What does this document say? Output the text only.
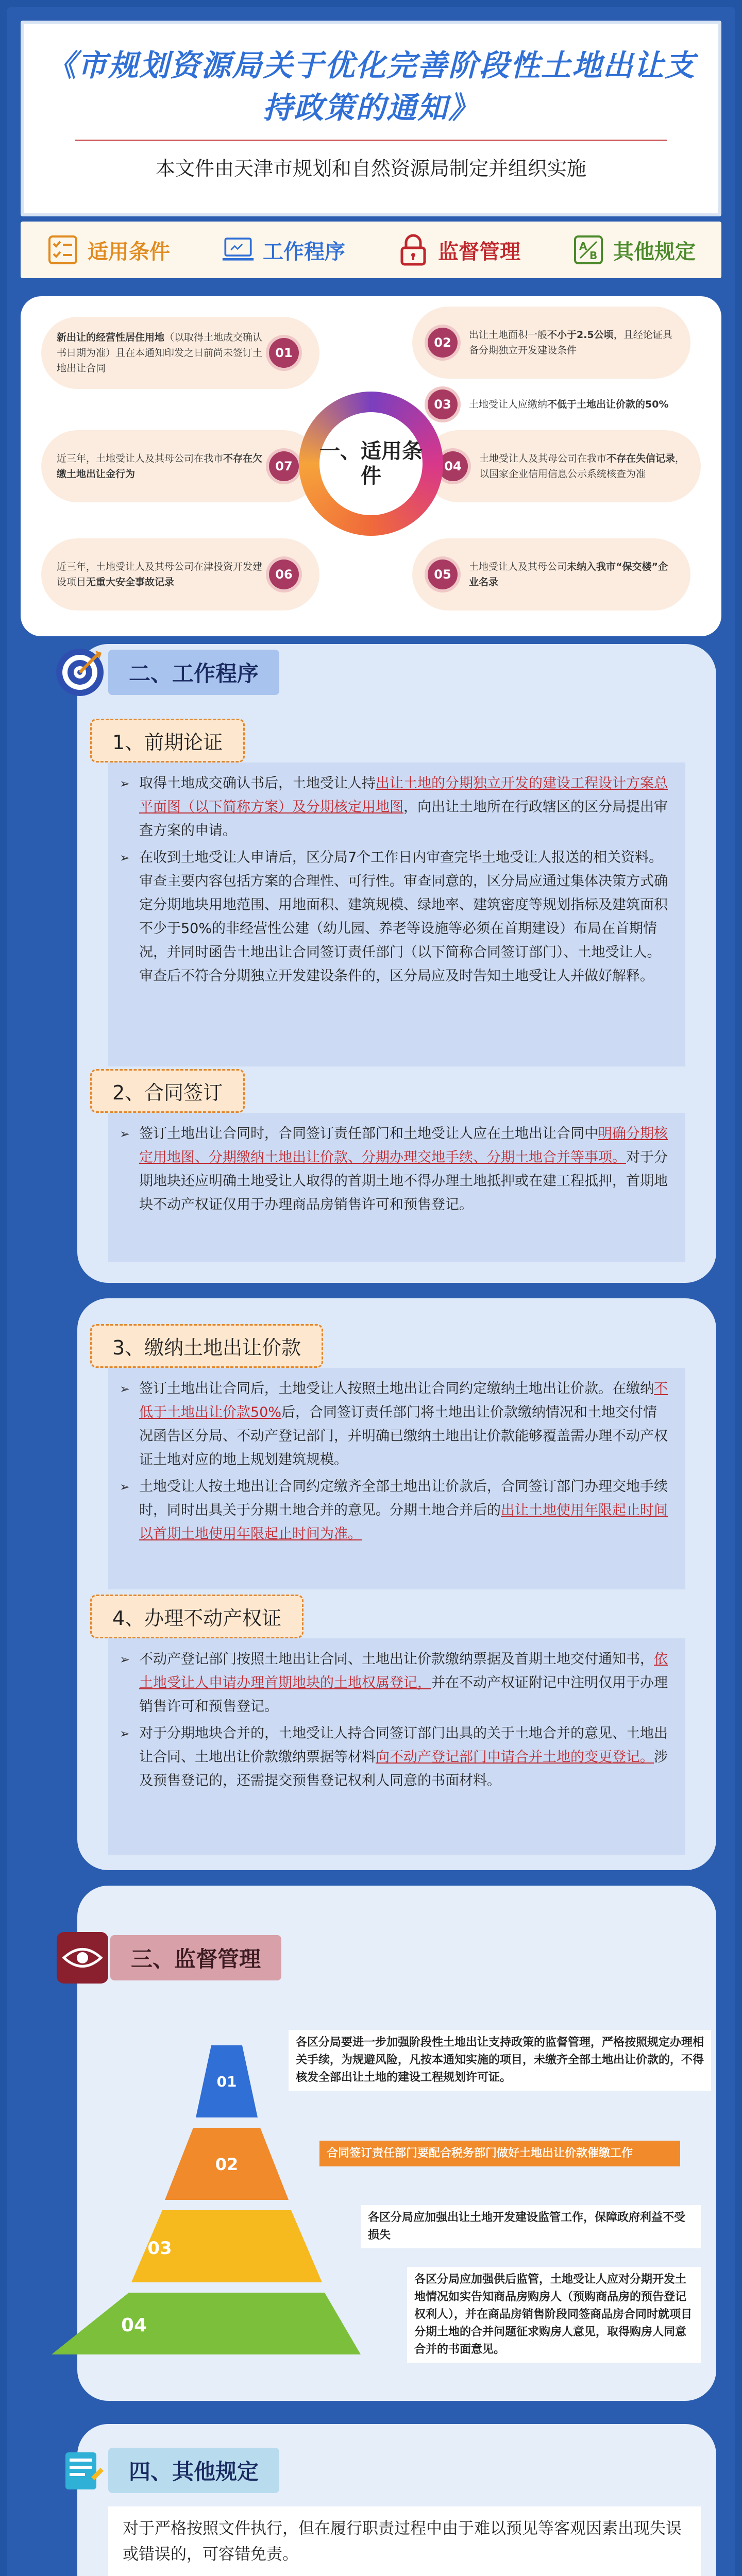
《市规划资源局关于优化完善阶段性土地出让支持政策的通知》
本文件由天津市规划和自然资源局制定并组织实施
适用条件	工作程序	监督管理	A
B 其他规定
新出让的经营性居住用地（以取得土地成交确认书日期为准）且在本通知印发之日前尚未签订土地出让合同
01
02
出让土地面积一般不小于2.5公顷，且经论证具备分期独立开发建设条件
03	土地受让人应缴纳不低于土地出让价款的50%
近三年，土地受让人及其母公司在我市不存在欠缴土地出让金行为
07	04
土地受让人及其母公司在我市不存在失信记录，以国家企业信用信息公示系统核查为准
近三年，土地受让人及其母公司在津投资开发建设项目无重大安全事故记录
06	05
土地受让人及其母公司未纳入我市“保交楼”企业名录
一、适用条件
二、工作程序
1、前期论证

➢ 取得土地成交确认书后，土地受让人持出让土地的分期独立开发的建设工程设计方案总平面图（以下简称方案）及分期核定用地图，向出让土地所在行政辖区的区分局提出审查方案的申请。

➢ 在收到土地受让人申请后，区分局7个工作日内审查完毕土地受让人报送的相关资料。审查主要内容包括方案的合理性、可行性。审查同意的，区分局应通过集体决策方式确定分期地块用地范围、用地面积、建筑规模、绿地率、建筑密度等规划指标及建筑面积不少于50%的非经营性公建（幼儿园、养老等设施等必须在首期建设）布局在首期情况，并同时函告土地出让合同签订责任部门（以下简称合同签订部门）、土地受让人。审查后不符合分期独立开发建设条件的，区分局应及时告知土地受让人并做好解释。

2、合同签订

➢ 签订土地出让合同时，合同签订责任部门和土地受让人应在土地出让合同中明确分期核定用地图、分期缴纳土地出让价款、分期办理交地手续、分期土地合并等事项。对于分期地块还应明确土地受让人取得的首期土地不得办理土地抵押或在建工程抵押，首期地块不动产权证仅用于办理商品房销售许可和预售登记。

3、缴纳土地出让价款

➢ 签订土地出让合同后，土地受让人按照土地出让合同约定缴纳土地出让价款。在缴纳不低于土地出让价款50%后，合同签订责任部门将土地出让价款缴纳情况和土地交付情况函告区分局、不动产登记部门，并明确已缴纳土地出让价款能够覆盖需办理不动产权证土地对应的地上规划建筑规模。

➢ 土地受让人按土地出让合同约定缴齐全部土地出让价款后，合同签订部门办理交地手续时，同时出具关于分期土地合并的意见。分期土地合并后的出让土地使用年限起止时间以首期土地使用年限起止时间为准。

4、办理不动产权证

➢ 不动产登记部门按照土地出让合同、土地出让价款缴纳票据及首期土地交付通知书，依土地受让人申请办理首期地块的土地权属登记，并在不动产权证附记中注明仅用于办理销售许可和预售登记。

➢ 对于分期地块合并的，土地受让人持合同签订部门出具的关于土地合并的意见、土地出让合同、土地出让价款缴纳票据等材料向不动产登记部门申请合并土地的变更登记。涉及预售登记的，还需提交预售登记权利人同意的书面材料。

三、监督管理
01
02
03
04
各区分局要进一步加强阶段性土地出让支持政策的监督管理，严格按照规定办理相关手续，为规避风险，凡按本通知实施的项目，未缴齐全部土地出让价款的，不得核发全部出让土地的建设工程规划许可证。
合同签订责任部门要配合税务部门做好土地出让价款催缴工作
各区分局应加强出让土地开发建设监管工作，保障政府利益不受损失
各区分局应加强供后监管，土地受让人应对分期开发土地情况如实告知商品房购房人（预购商品房的预告登记权利人），并在商品房销售阶段同签商品房合同时就项目分期土地的合并问题征求购房人意见，取得购房人同意合并的书面意见。
四、其他规定
对于严格按照文件执行，但在履行职责过程中由于难以预见等客观因素出现失误或错误的，可容错免责。
